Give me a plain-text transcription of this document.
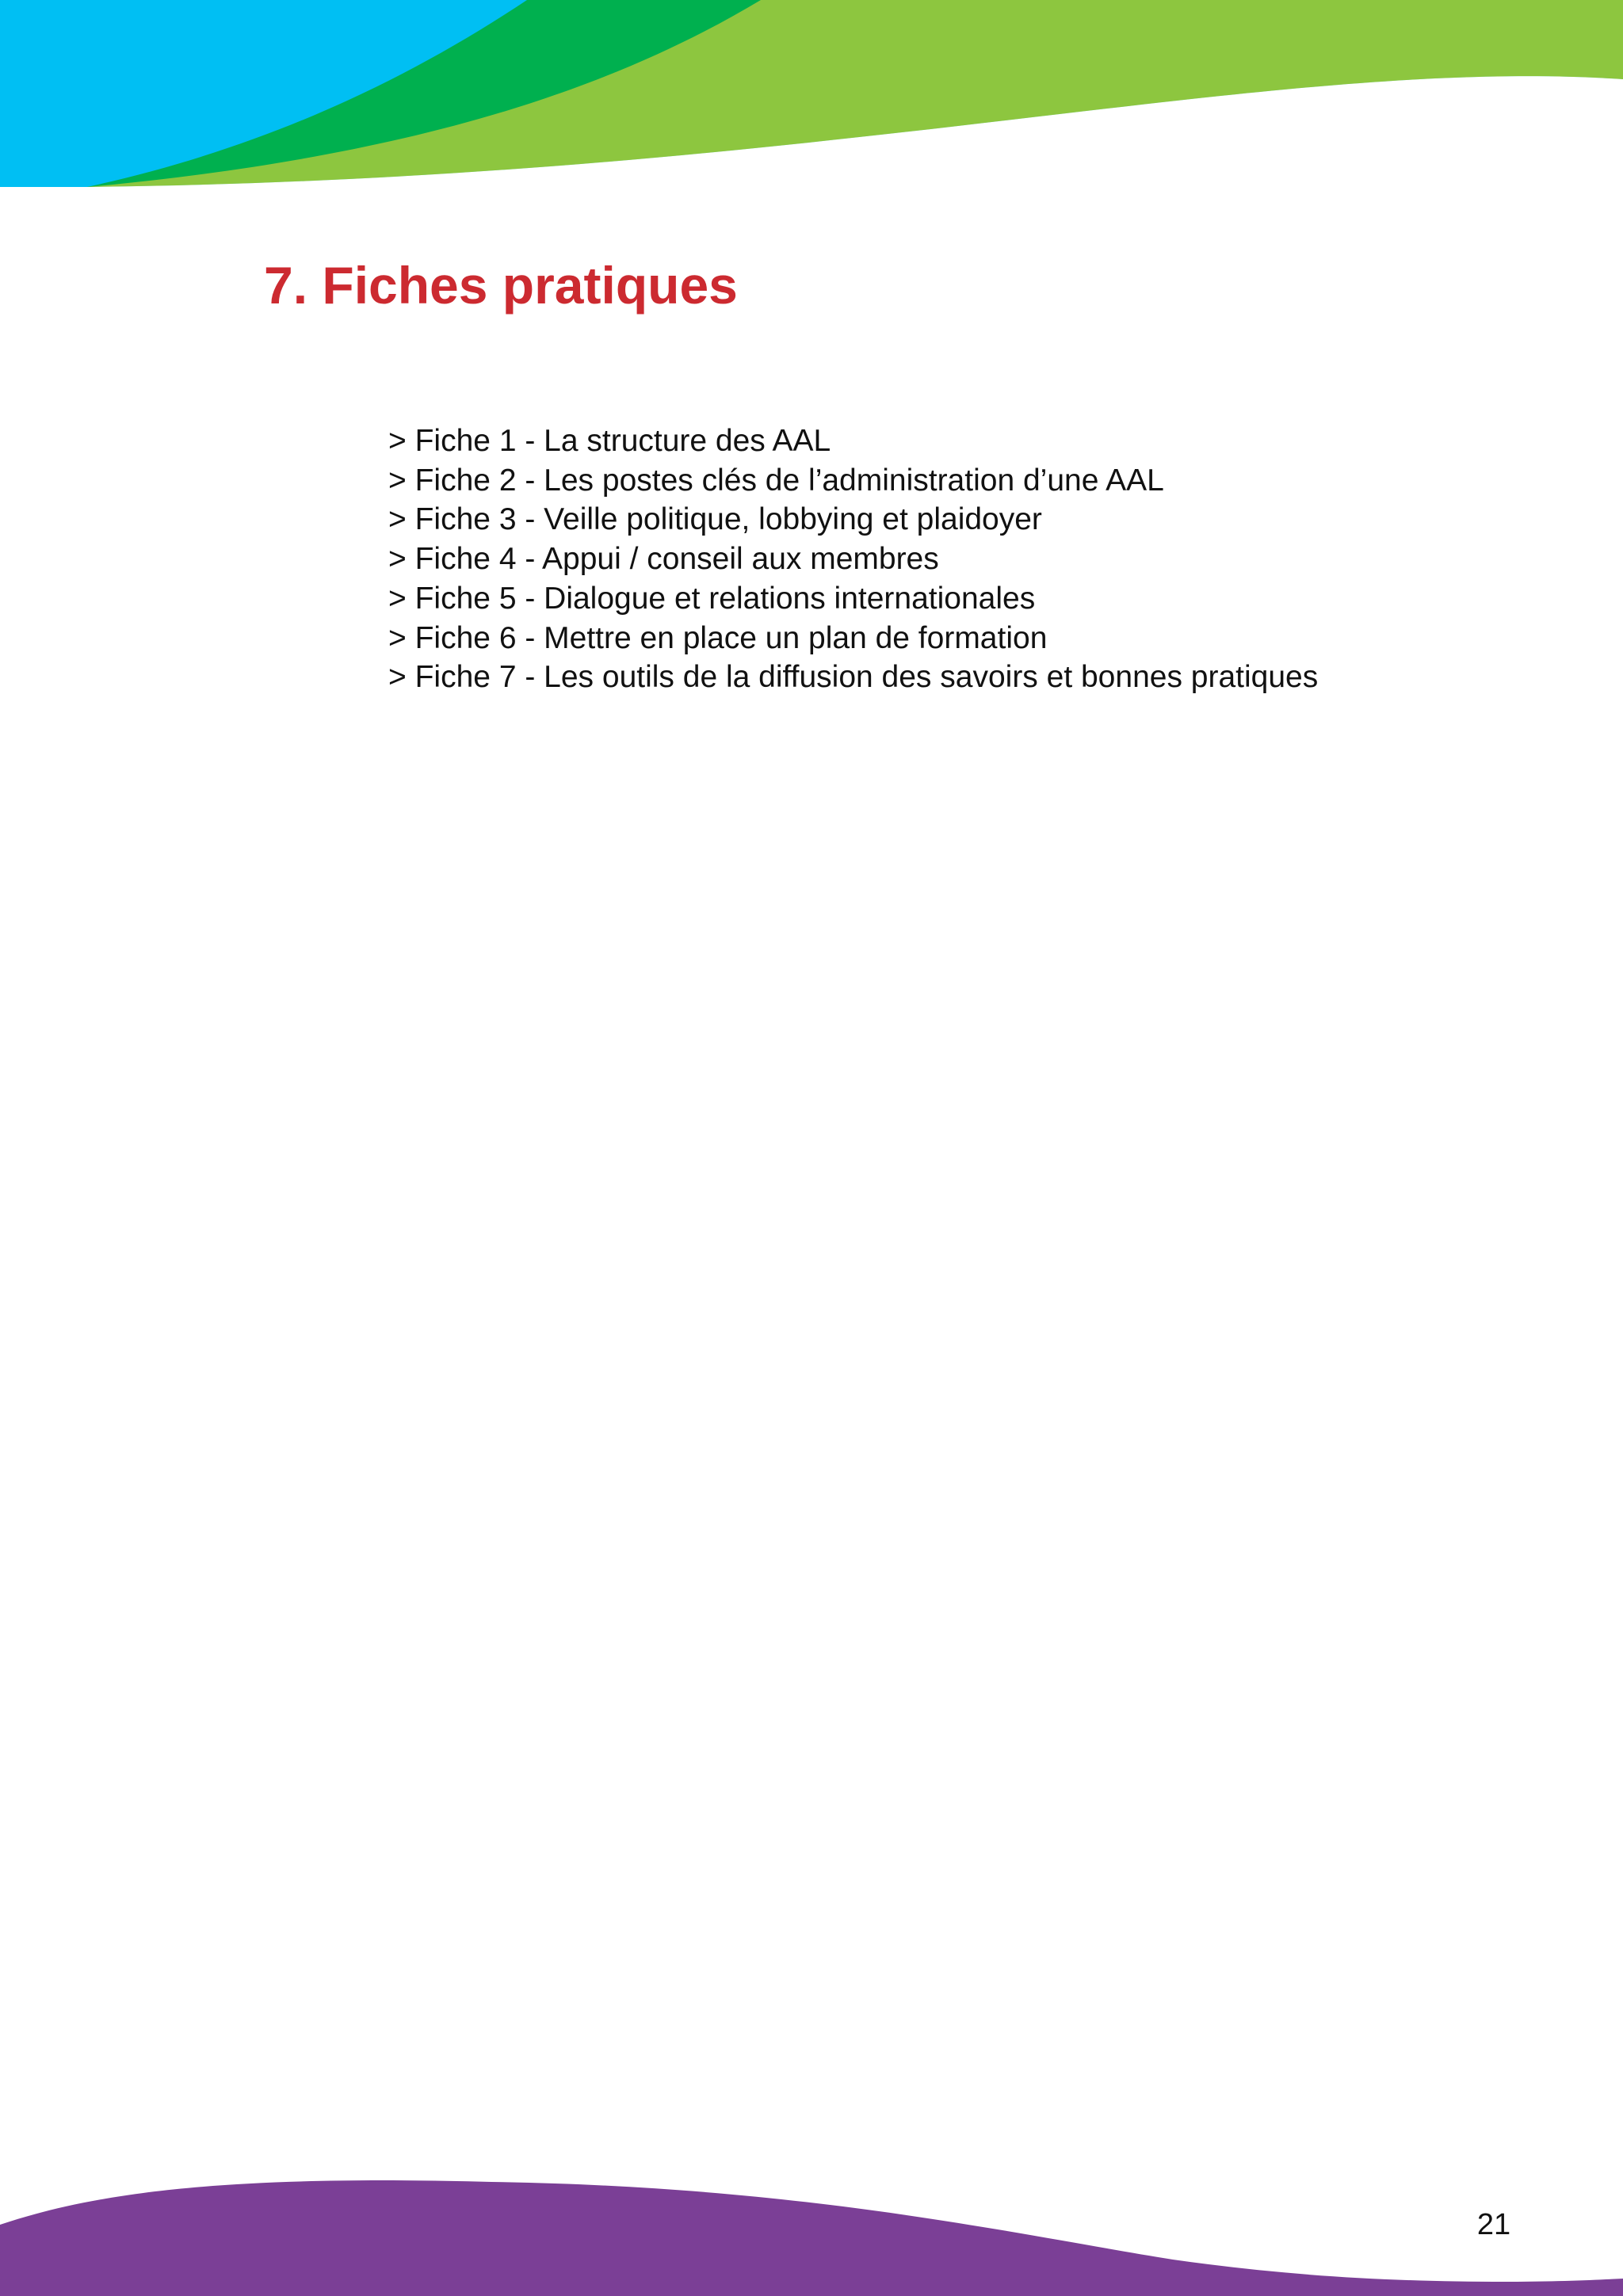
7. Fiches pratiques
> Fiche 1 - La structure des AAL
> Fiche 2 - Les postes clés de l’administration d’une AAL
> Fiche 3 - Veille politique, lobbying et plaidoyer
> Fiche 4 - Appui / conseil aux membres
> Fiche 5 - Dialogue et relations internationales
> Fiche 6 - Mettre en place un plan de formation
> Fiche 7 - Les outils de la diffusion des savoirs et bonnes pratiques
21
